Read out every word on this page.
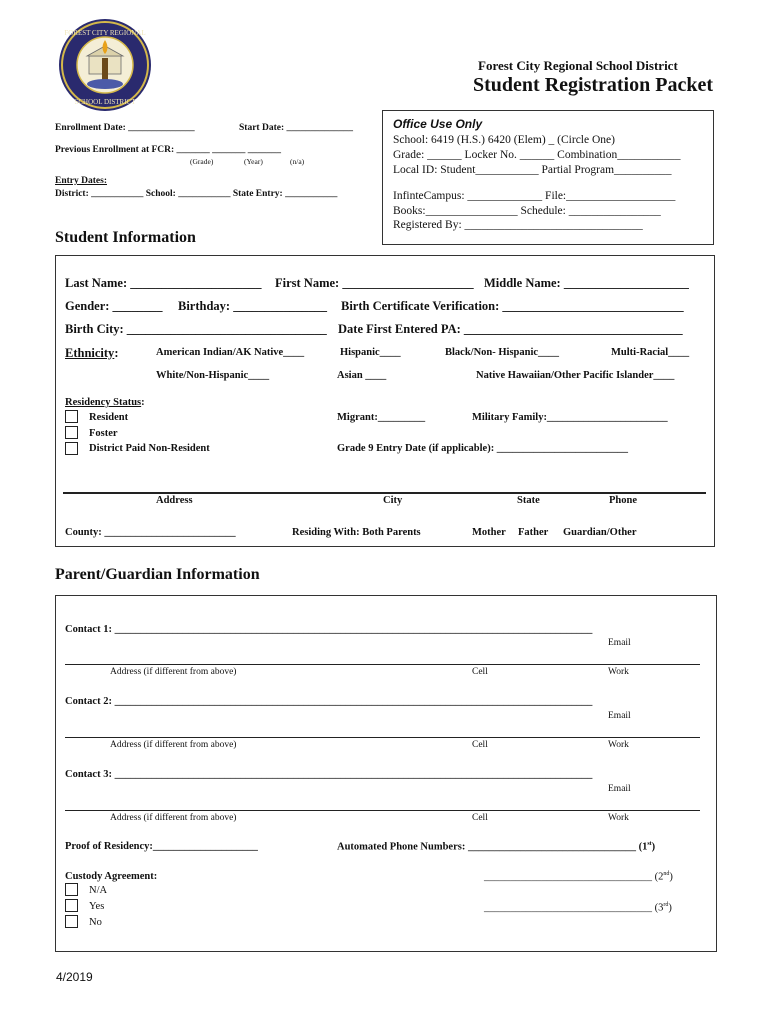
FOREST CITY REGIONAL
SCHOOL DISTRICT
Forest City Regional School District
Student Registration Packet
Enrollment Date: ______________	Start Date: ______________
Previous Enrollment at FCR: _______ _______ _______
(Grade)	(Year)	(n/a)
Entry Dates:
District: ___________ School: ___________ State Entry: ___________
Office Use Only
School: 6419 (H.S.) 6420 (Elem) _ (Circle One)
Grade: ______ Locker No. ______ Combination___________
Local ID: Student___________ Partial Program__________
InfinteCampus: _____________ File:___________________
Books:________________ Schedule: ________________
Registered By: _______________________________
Student Information
Last Name: _____________________ First Name: _____________________ Middle Name: ____________________
Gender: ________ Birthday: _______________ Birth Certificate Verification: _____________________________
Birth City: ________________________________ Date First Entered PA: ___________________________________
Ethnicity:	American Indian/AK Native____	Hispanic____	Black/Non- Hispanic____	Multi-Racial____
White/Non-Hispanic____	Asian ____	Native Hawaiian/Other Pacific Islander____
Residency Status:
Resident
Foster
District Paid Non-Resident
Migrant:_________	Military Family:_______________________
Grade 9 Entry Date (if applicable): _________________________
Address	City	State	Phone
County: _________________________	Residing With: Both Parents	Mother Father Guardian/Other
Parent/Guardian Information
Contact 1: ___________________________________________________________________________________________
Email
Address (if different from above)	Cell	Work
Contact 2: ___________________________________________________________________________________________
Email
Address (if different from above)	Cell	Work
Contact 3: ___________________________________________________________________________________________
Email
Address (if different from above)	Cell	Work
Proof of Residency:____________________	Automated Phone Numbers: ________________________________ (1st)
Custody Agreement:	________________________________ (2nd)
N/A
Yes	________________________________ (3rd)
No
4/2019
